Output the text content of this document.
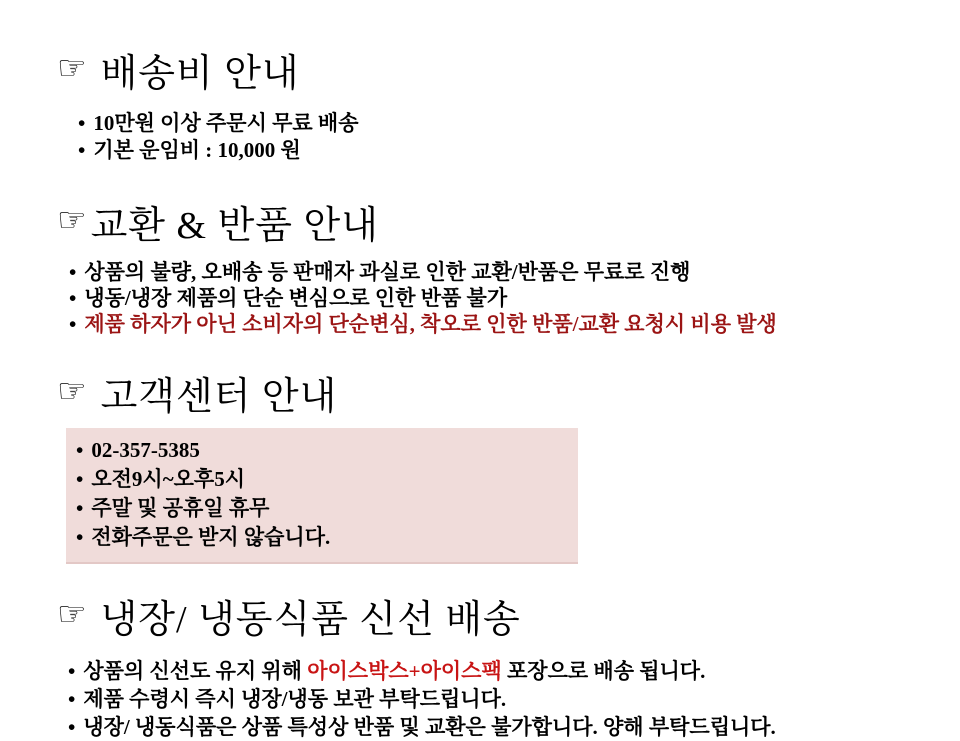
☞ 배송비 안내
• 10만원 이상 주문시 무료 배송
• 기본 운임비 : 10,000 원
☞ 교환 & 반품 안내
• 상품의 불량, 오배송 등 판매자 과실로 인한 교환/반품은 무료로 진행
• 냉동/냉장 제품의 단순 변심으로 인한 반품 불가
• 제품 하자가 아닌 소비자의 단순변심, 착오로 인한 반품/교환 요청시 비용 발생
☞ 고객센터 안내
• 02-357-5385
• 오전9시~오후5시
• 주말 및 공휴일 휴무
• 전화주문은 받지 않습니다.
☞ 냉장/ 냉동식품 신선 배송
• 상품의 신선도 유지 위해 아이스박스+아이스팩 포장으로 배송 됩니다.
• 제품 수령시 즉시 냉장/냉동 보관 부탁드립니다.
• 냉장/ 냉동식품은 상품 특성상 반품 및 교환은 불가합니다. 양해 부탁드립니다.
